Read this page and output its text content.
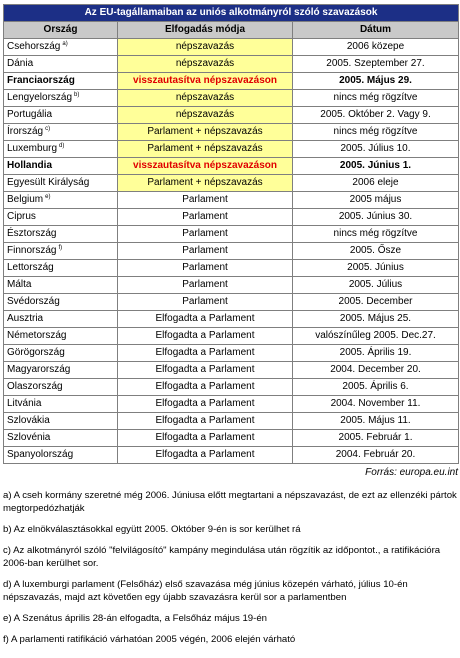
Az EU-tagállamaiban az uniós alkotmányról szóló szavazások		
Ország	Elfogadás módja	Dátum
Csehország $^{a)}$	népszavazás	2006 közepe
Dánia	népszavazás	2005. Szeptember 27.
Franciaország	visszautasítva népszavazáson	2005. Május 29.
Lengyelország $^{b)}$	népszavazás	nincs még rögzítve
Portugália	népszavazás	2005. Október 2. Vagy 9.
Írország $^{c)}$	Parlament + népszavazás	nincs még rögzítve
Luxemburg $^{d)}$	Parlament + népszavazás	2005. Július 10.
Hollandia	visszautasítva népszavazáson	2005. Június 1.
Egyesült Királyság	Parlament + népszavazás	2006 eleje
Belgium $^{e)}$	Parlament	2005 május
Ciprus	Parlament	2005. Június 30.
Észtország	Parlament	nincs még rögzítve
Finnország $^{f)}$	Parlament	2005. Ősze
Lettország	Parlament	2005. Június
Málta	Parlament	2005. Július
Svédország	Parlament	2005. December
Ausztria	Elfogadta a Parlament	2005. Május 25.
Németország	Elfogadta a Parlament	valószínűleg 2005. Dec.27.
Görögország	Elfogadta a Parlament	2005. Április 19.
Magyarország	Elfogadta a Parlament	2004. December 20.
Olaszország	Elfogadta a Parlament	2005. Április 6.
Litvánia	Elfogadta a Parlament	2004. November 11.
Szlovákia	Elfogadta a Parlament	2005. Május 11.
Szlovénia	Elfogadta a Parlament	2005. Február 1.
Spanyolország	Elfogadta a Parlament	2004. Február 20.
Forrás: europa.eu.int

a) A cseh kormány szeretné még 2006. Júniusa előtt megtartani a népszavazást, de ezt az ellenzéki pártok megtorpedózhatják

b) Az elnökválasztásokkal együtt 2005. Október 9-én is sor kerülhet rá

c) Az alkotmányról szóló "felvilágosító" kampány megindulása után rögzítik az időpontot., a ratifikációra 2006-ban kerülhet sor.

d) A luxemburgi parlament (Felsőház) első szavazása még június közepén várható, július 10-én népszavazás, majd azt követően egy újabb szavazásra kerül sor a parlamentben

e) A Szenátus április 28-án elfogadta, a Felsőház május 19-én

f) A parlamenti ratifikáció várhatóan 2005 végén, 2006 elején várható
